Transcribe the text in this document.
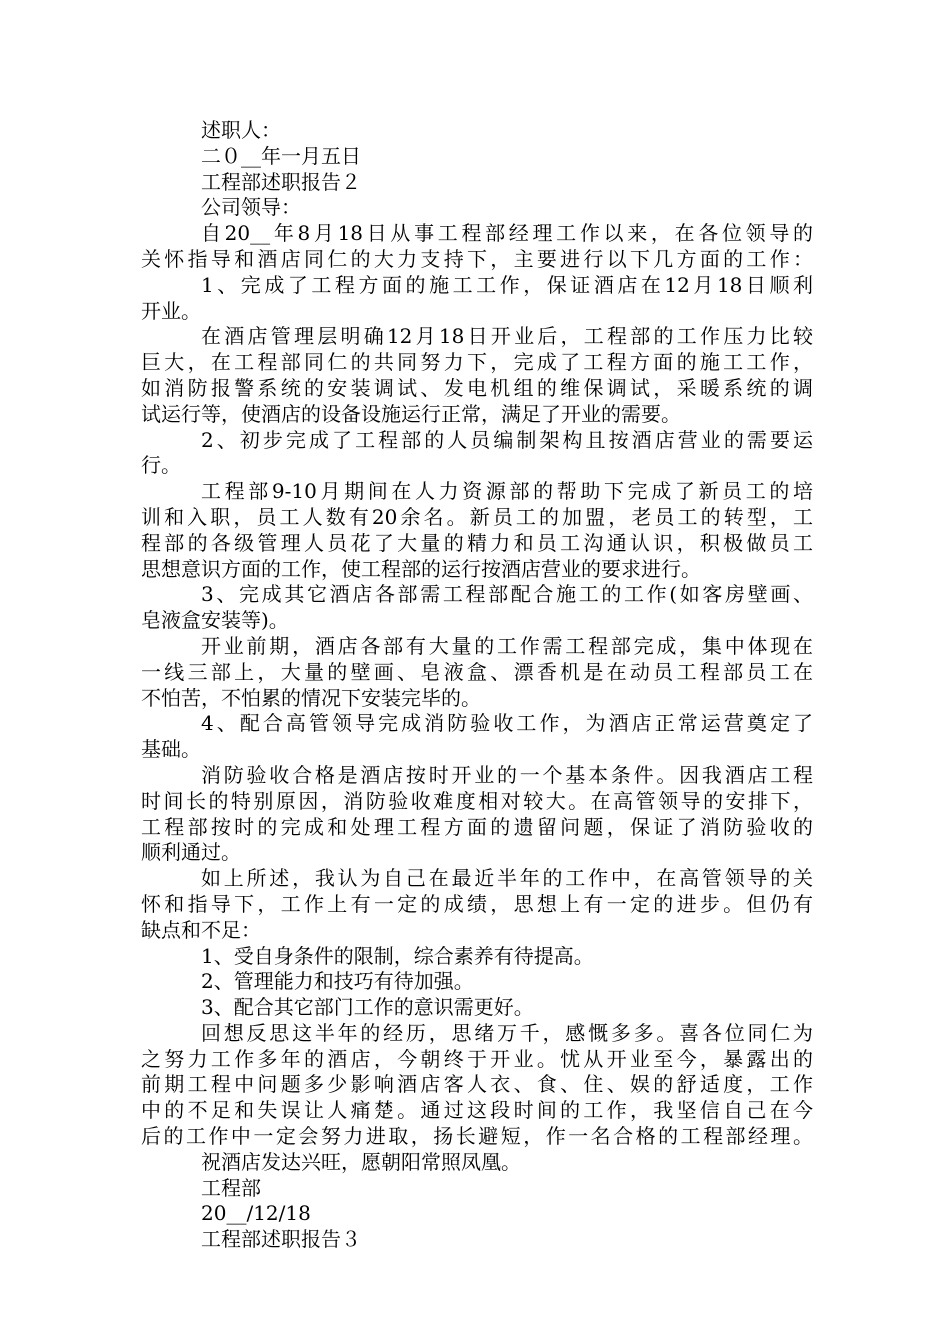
述职人：
二０__年一月五日
工程部述职报告２
公司领导：
自20__年8月18日从事工程部经理工作以来，在各位领导的
关怀指导和酒店同仁的大力支持下，主要进行以下几方面的工作：
1、完成了工程方面的施工工作，保证酒店在12月18日顺利
开业。
在酒店管理层明确12月18日开业后，工程部的工作压力比较
巨大，在工程部同仁的共同努力下，完成了工程方面的施工工作，
如消防报警系统的安装调试、发电机组的维保调试，采暖系统的调
试运行等，使酒店的设备设施运行正常，满足了开业的需要。
2、初步完成了工程部的人员编制架构且按酒店营业的需要运
行。
工程部9-10月期间在人力资源部的帮助下完成了新员工的培
训和入职，员工人数有20余名。新员工的加盟，老员工的转型，工
程部的各级管理人员花了大量的精力和员工沟通认识，积极做员工
思想意识方面的工作，使工程部的运行按酒店营业的要求进行。
3、完成其它酒店各部需工程部配合施工的工作(如客房壁画、
皂液盒安装等)。
开业前期，酒店各部有大量的工作需工程部完成，集中体现在
一线三部上，大量的壁画、皂液盒、漂香机是在动员工程部员工在
不怕苦，不怕累的情况下安装完毕的。
4、配合高管领导完成消防验收工作，为酒店正常运营奠定了
基础。
消防验收合格是酒店按时开业的一个基本条件。因我酒店工程
时间长的特别原因，消防验收难度相对较大。在高管领导的安排下，
工程部按时的完成和处理工程方面的遗留问题，保证了消防验收的
顺利通过。
如上所述，我认为自己在最近半年的工作中，在高管领导的关
怀和指导下，工作上有一定的成绩，思想上有一定的进步。但仍有
缺点和不足：
1、受自身条件的限制，综合素养有待提高。
2、管理能力和技巧有待加强。
3、配合其它部门工作的意识需更好。
回想反思这半年的经历，思绪万千，感慨多多。喜各位同仁为
之努力工作多年的酒店，今朝终于开业。忧从开业至今，暴露出的
前期工程中问题多少影响酒店客人衣、食、住、娱的舒适度，工作
中的不足和失误让人痛楚。通过这段时间的工作，我坚信自己在今
后的工作中一定会努力进取，扬长避短，作一名合格的工程部经理。
祝酒店发达兴旺，愿朝阳常照凤凰。
工程部
20__/12/18
工程部述职报告３
